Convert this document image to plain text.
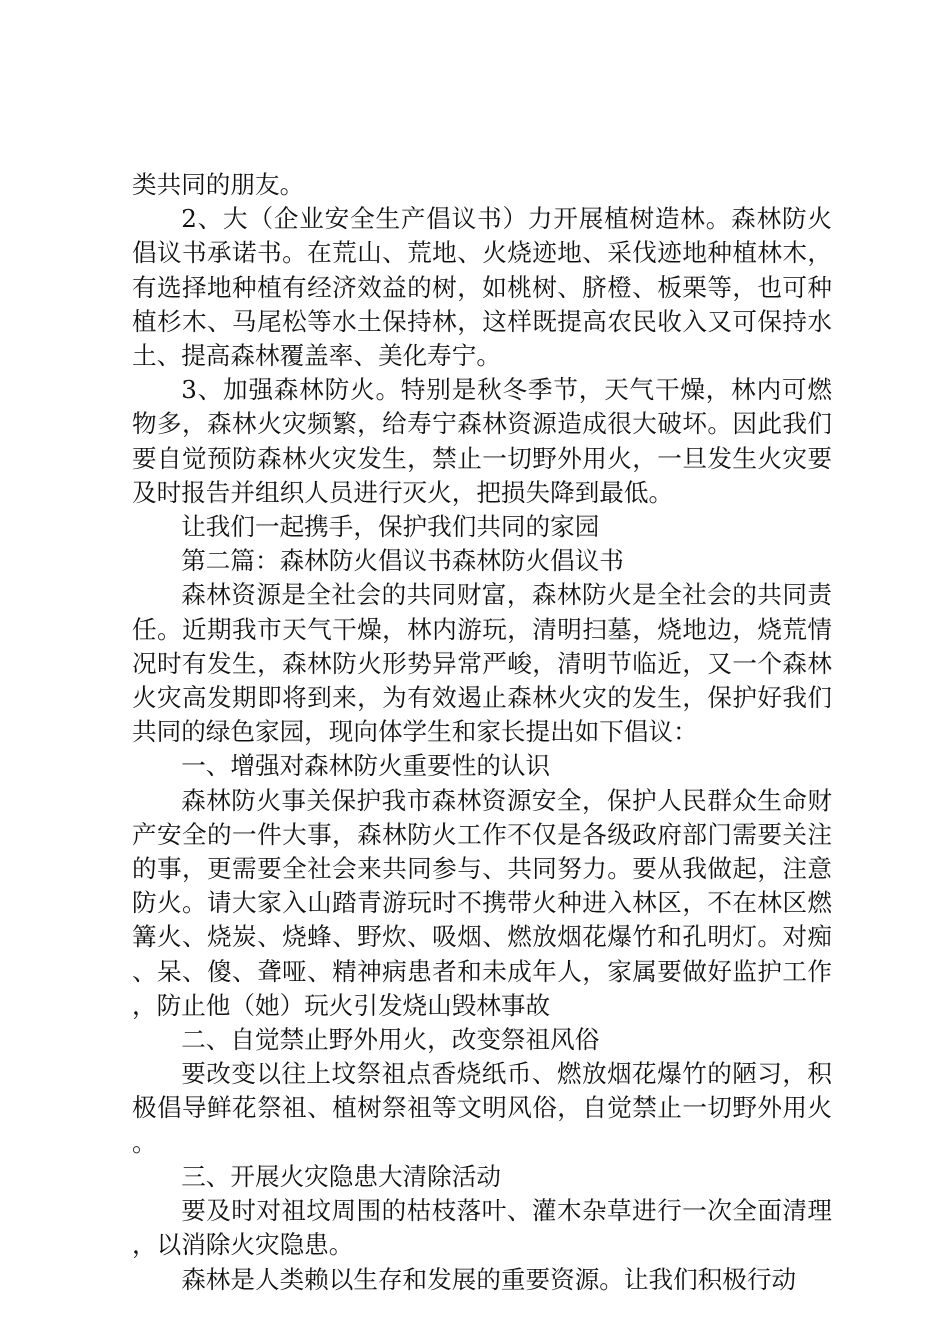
类共同的朋友。

2、大（企业安全生产倡议书）力开展植树造林。森林防火倡议书承诺书。在荒山、荒地、火烧迹地、采伐迹地种植林木，有选择地种植有经济效益的树，如桃树、脐橙、板栗等，也可种植杉木、马尾松等水土保持林，这样既提高农民收入又可保持水土、提高森林覆盖率、美化寿宁。

3、加强森林防火。特别是秋冬季节，天气干燥，林内可燃物多，森林火灾频繁，给寿宁森林资源造成很大破坏。因此我们要自觉预防森林火灾发生，禁止一切野外用火，一旦发生火灾要及时报告并组织人员进行灭火，把损失降到最低。

让我们一起携手，保护我们共同的家园

第二篇：森林防火倡议书森林防火倡议书

森林资源是全社会的共同财富，森林防火是全社会的共同责任。近期我市天气干燥，林内游玩，清明扫墓，烧地边，烧荒情况时有发生，森林防火形势异常严峻，清明节临近，又一个森林火灾高发期即将到来，为有效遏止森林火灾的发生，保护好我们共同的绿色家园，现向体学生和家长提出如下倡议：

一、增强对森林防火重要性的认识

森林防火事关保护我市森林资源安全，保护人民群众生命财产安全的一件大事，森林防火工作不仅是各级政府部门需要关注的事，更需要全社会来共同参与、共同努力。要从我做起，注意防火。请大家入山踏青游玩时不携带火种进入林区，不在林区燃篝火、烧炭、烧蜂、野炊、吸烟、燃放烟花爆竹和孔明灯。对痴、呆、傻、聋哑、精神病患者和未成年人，家属要做好监护工作，防止他（她）玩火引发烧山毁林事故

二、自觉禁止野外用火，改变祭祖风俗

要改变以往上坟祭祖点香烧纸币、燃放烟花爆竹的陋习，积极倡导鲜花祭祖、植树祭祖等文明风俗，自觉禁止一切野外用火。

三、开展火灾隐患大清除活动

要及时对祖坟周围的枯枝落叶、灌木杂草进行一次全面清理，以消除火灾隐患。

森林是人类赖以生存和发展的重要资源。让我们积极行动
